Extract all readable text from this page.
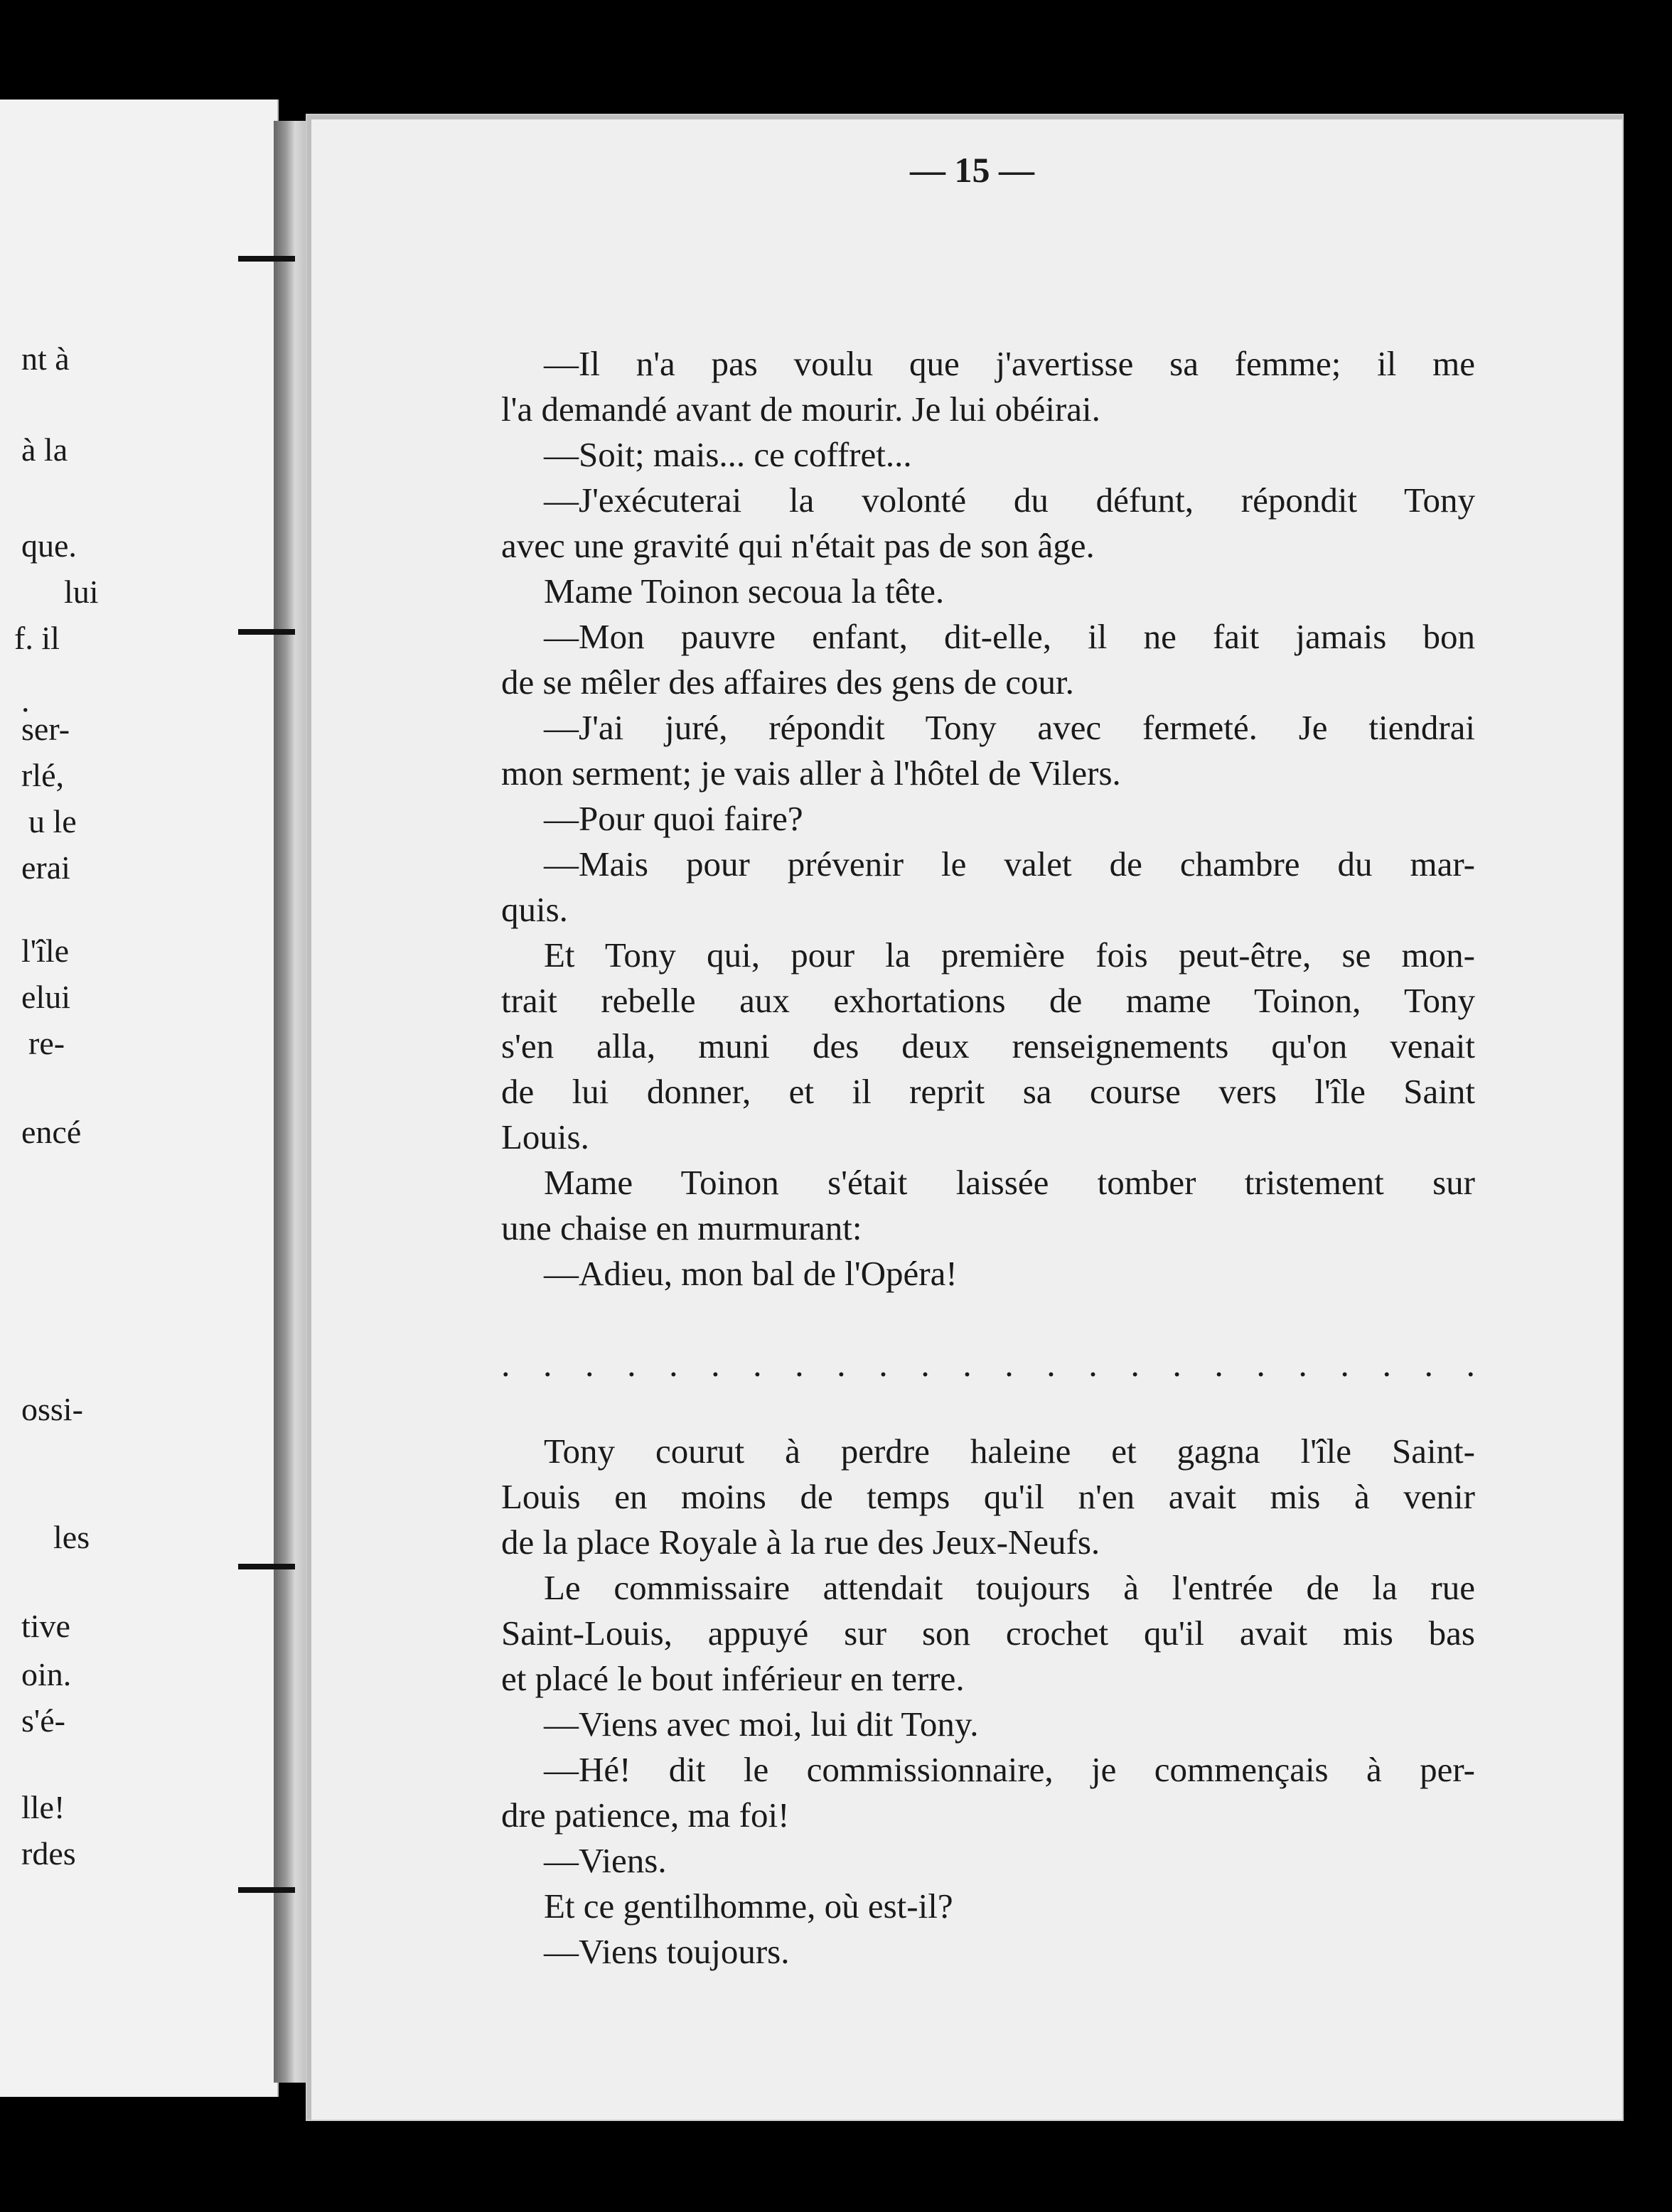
nt à
à la
que.
lui
f. il
.
ser-
rlé,
u le
erai
l'île
elui
re-
encé
ossi-
les
tive
oin.
s'é-
lle!
rdes
— 15 —
—Il n'a pas voulu que j'avertisse sa femme; il me
l'a demandé avant de mourir. Je lui obéirai.
—Soit; mais... ce coffret...
—J'exécuterai la volonté du défunt, répondit Tony
avec une gravité qui n'était pas de son âge.
Mame Toinon secoua la tête.
—Mon pauvre enfant, dit-elle, il ne fait jamais bon
de se mêler des affaires des gens de cour.
—J'ai juré, répondit Tony avec fermeté. Je tiendrai
mon serment; je vais aller à l'hôtel de Vilers.
—Pour quoi faire?
—Mais pour prévenir le valet de chambre du mar-
quis.
Et Tony qui, pour la première fois peut-être, se mon-
trait rebelle aux exhortations de mame Toinon, Tony
s'en alla, muni des deux renseignements qu'on venait
de lui donner, et il reprit sa course vers l'île Saint
Louis.
Mame Toinon s'était laissée tomber tristement sur
une chaise en murmurant:
—Adieu, mon bal de l'Opéra!
. . . . . . . . . . . . . . . . . . . . . . . .
Tony courut à perdre haleine et gagna l'île Saint-
Louis en moins de temps qu'il n'en avait mis à venir
de la place Royale à la rue des Jeux-Neufs.
Le commissaire attendait toujours à l'entrée de la rue
Saint-Louis, appuyé sur son crochet qu'il avait mis bas
et placé le bout inférieur en terre.
—Viens avec moi, lui dit Tony.
—Hé! dit le commissionnaire, je commençais à per-
dre patience, ma foi!
—Viens.
Et ce gentilhomme, où est-il?
—Viens toujours.
